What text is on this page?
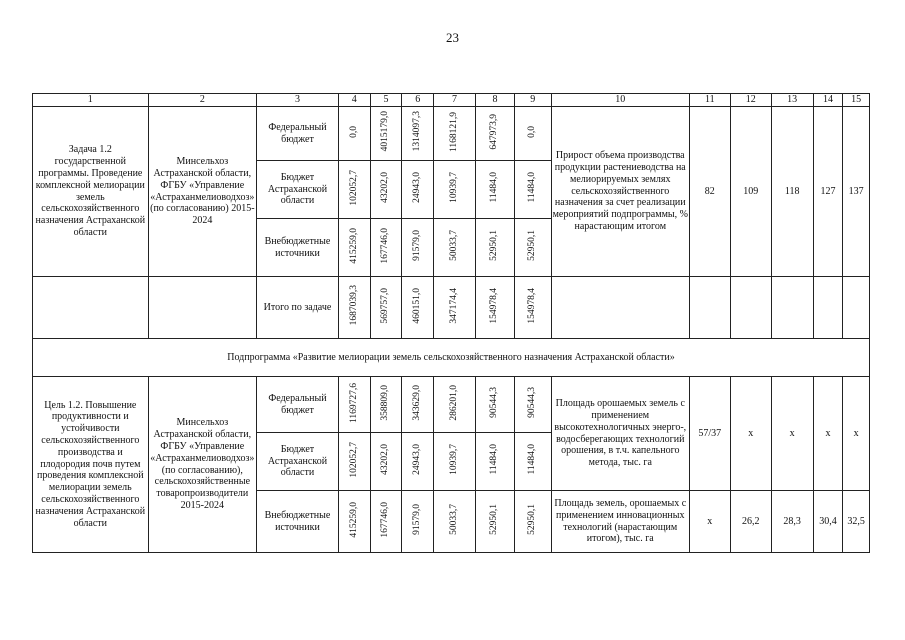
23
1	2	3	4	5	6	7	8	9	10	11	12	13	14	15
Задача 1.2 государственной программы. Проведение комплексной мелиорации земель сельскохозяйственного назначения Астраханской области	Минсельхоз Астраханской области, ФГБУ «Управление «Астраханмелиоводхоз» (по согласованию) 2015-2024	Федеральный бюджет	0,0	4015179,0	1314097,3	1168121,9	647973,9	0,0	Прирост объема производства продукции растениеводства на мелиорируемых землях сельскохозяйственного назначения за счет реализации мероприятий подпрограммы, % нарастающим итогом	82	109	118	127	137
		Бюджет Астраханской области	102052,7	43202,0	24943,0	10939,7	11484,0	11484,0						
		Внебюджетные источники	415259,0	167746,0	91579,0	50033,7	52950,1	52950,1						
		Итого по задаче	1687039,3	569757,0	460151,0	347174,4	154978,4	154978,4						
Подпрограмма «Развитие мелиорации земель сельскохозяйственного назначения Астраханской области»														
Цель 1.2. Повышение продуктивности и устойчивости сельскохозяйственного производства и плодородия почв путем проведения комплексной мелиорации земель сельскохозяйственного назначения Астраханской области	Минсельхоз Астраханской области, ФГБУ «Управление «Астраханмелиоводхоз» (по согласованию), сельскохозяйственные товаропроизводители 2015-2024	Федеральный бюджет	1169727,6	358809,0	343629,0	286201,0	90544,3	90544,3	Площадь орошаемых земель с применением высокотехнологичных энерго-, водосберегающих технологий орошения, в т.ч. капельного метода, тыс. га	57/37	х	х	х	х
		Бюджет Астраханской области	102052,7	43202,0	24943,0	10939,7	11484,0	11484,0						
		Внебюджетные источники	415259,0	167746,0	91579,0	50033,7	52950,1	52950,1	Площадь земель, орошаемых с применением инновационных технологий (нарастающим итогом), тыс. га	х	26,2	28,3	30,4	32,5
